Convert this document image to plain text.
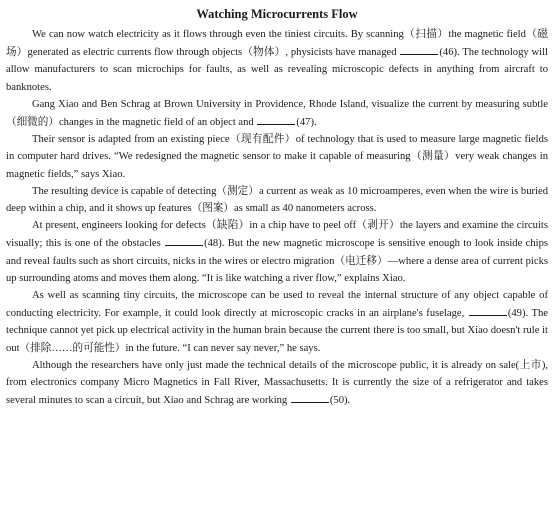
Watching Microcurrents Flow

We can now watch electricity as it flows through even the tiniest circuits. By scanning（扫描）the magnetic field（磁场）generated as electric currents flow through objects（物体）, physicists have managed	(46). The technology will allow manufacturers to scan microchips for faults, as well as revealing microscopic defects in anything from aircraft to banknotes.

Gang Xiao and Ben Schrag at Brown University in Providence, Rhode Island, visualize the current by measuring subtle（细微的）changes in the magnetic field of an object and	(47).

Their sensor is adapted from an existing piece（现有配件）of technology that is used to measure large magnetic fields in computer hard drives. “We redesigned the magnetic sensor to make it capable of measuring（测量）very weak changes in magnetic fields,” says Xiao.

The resulting device is capable of detecting（测定）a current as weak as 10 microamperes, even when the wire is buried deep within a chip, and it shows up features（图案）as small as 40 nanometers across.

At present, engineers looking for defects（缺陷）in a chip have to peel off（剥开）the layers and examine the circuits visually; this is one of the obstacles	(48). But the new magnetic microscope is sensitive enough to look inside chips and reveal faults such as short circuits, nicks in the wires or electro migration（电迁移）—where a dense area of current picks up surrounding atoms and moves them along. “It is like watching a river flow,” explains Xiao.

As well as scanning tiny circuits, the microscope can be used to reveal the internal structure of any object capable of conducting electricity. For example, it could look directly at microscopic cracks in an airplane's fuselage,	(49). The technique cannot yet pick up electrical activity in the human brain because the current there is too small, but Xiao doesn't rule it out（排除……的可能性）in the future. “I can never say never,” he says.

Although the researchers have only just made the technical details of the microscope public, it is already on sale(上市), from electronics company Micro Magnetics in Fall River, Massachusetts. It is currently the size of a refrigerator and takes several minutes to scan a circuit, but Xiao and Schrag are working	(50).
